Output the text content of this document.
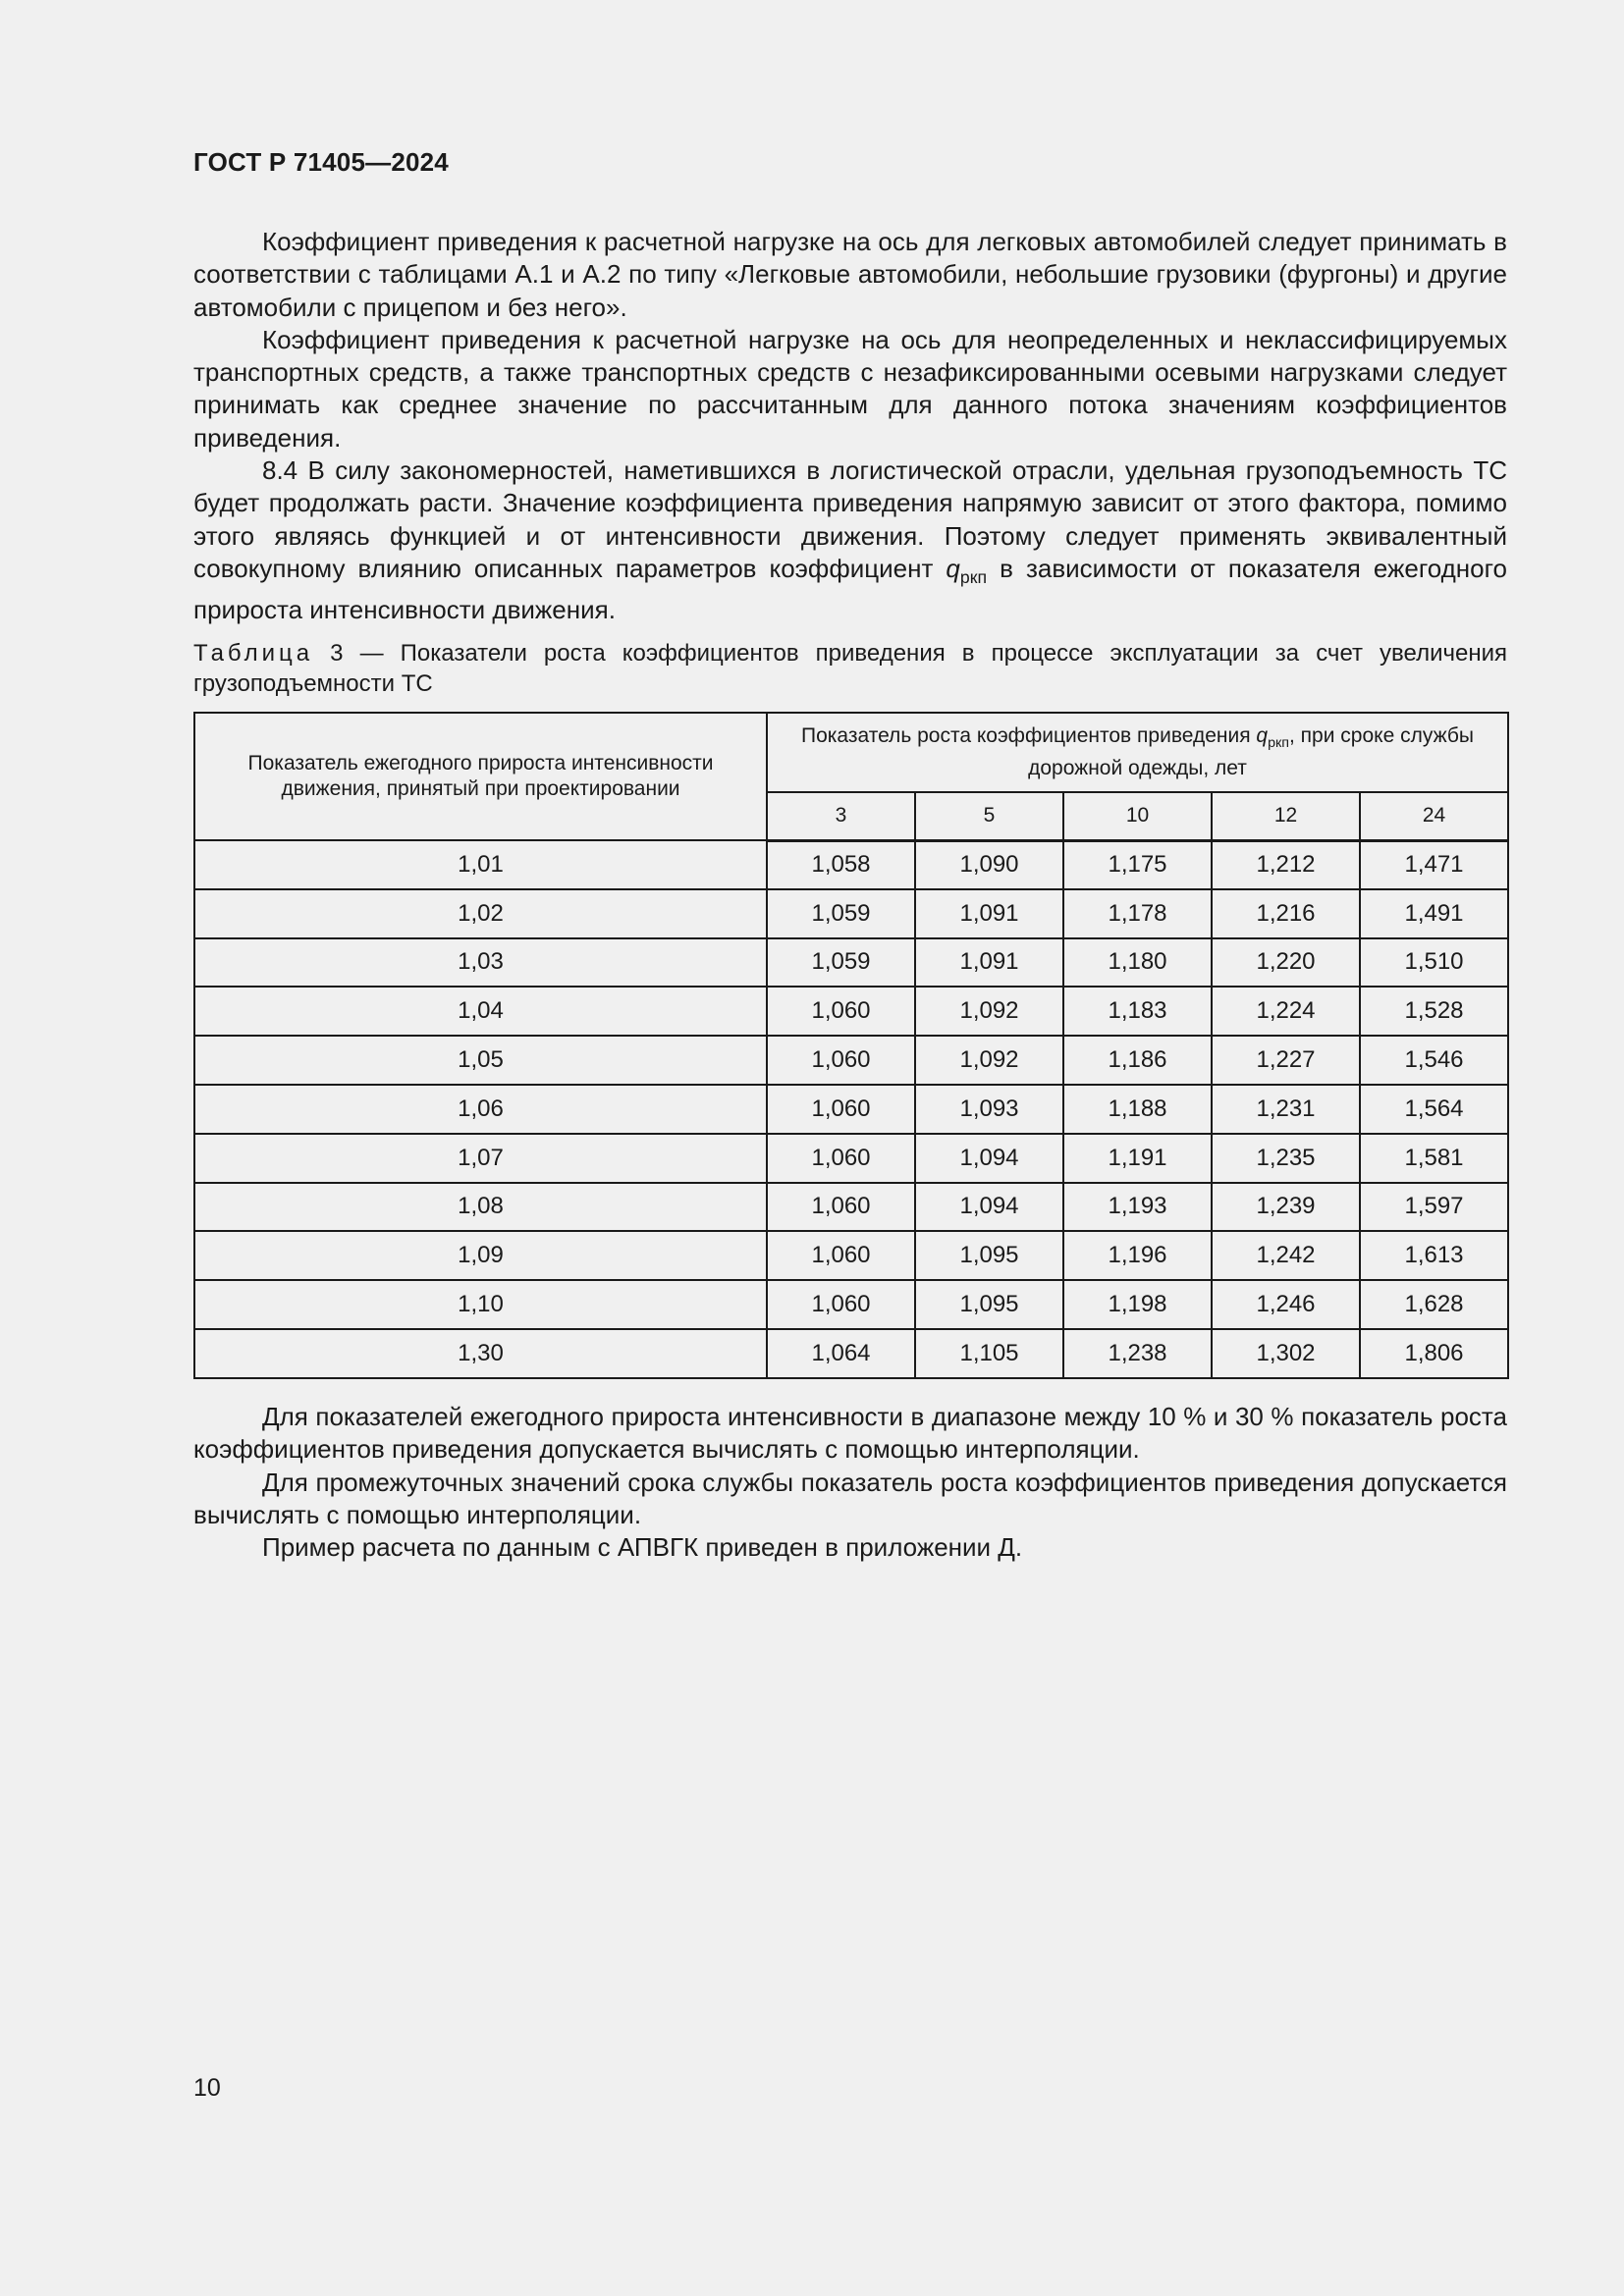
ГОСТ Р 71405—2024

Коэффициент приведения к расчетной нагрузке на ось для легковых автомобилей следует принимать в соответствии с таблицами А.1 и А.2 по типу «Легковые автомобили, небольшие грузовики (фургоны) и другие автомобили с прицепом и без него».

Коэффициент приведения к расчетной нагрузке на ось для неопределенных и неклассифицируемых транспортных средств, а также транспортных средств с незафиксированными осевыми нагрузками следует принимать как среднее значение по рассчитанным для данного потока значениям коэффициентов приведения.

8.4 В силу закономерностей, наметившихся в логистической отрасли, удельная грузоподъемность ТС будет продолжать расти. Значение коэффициента приведения напрямую зависит от этого фактора, помимо этого являясь функцией и от интенсивности движения. Поэтому следует применять эквивалентный совокупному влиянию описанных параметров коэффициент $q_{ркп}$ в зависимости от показателя ежегодного прироста интенсивности движения.

Таблица 3 — Показатели роста коэффициентов приведения в процессе эксплуатации за счет увеличения грузоподъемности ТС
Показатель ежегодного прироста интенсивности движения, принятый при проектировании	Показатель роста коэффициентов приведения $q_{ркп}$, при сроке службы дорожной одежды, лет				
	3	5	10	12	24
1,01	1,058	1,090	1,175	1,212	1,471
1,02	1,059	1,091	1,178	1,216	1,491
1,03	1,059	1,091	1,180	1,220	1,510
1,04	1,060	1,092	1,183	1,224	1,528
1,05	1,060	1,092	1,186	1,227	1,546
1,06	1,060	1,093	1,188	1,231	1,564
1,07	1,060	1,094	1,191	1,235	1,581
1,08	1,060	1,094	1,193	1,239	1,597
1,09	1,060	1,095	1,196	1,242	1,613
1,10	1,060	1,095	1,198	1,246	1,628
1,30	1,064	1,105	1,238	1,302	1,806

Для показателей ежегодного прироста интенсивности в диапазоне между 10 % и 30 % показатель роста коэффициентов приведения допускается вычислять с помощью интерполяции.

Для промежуточных значений срока службы показатель роста коэффициентов приведения допускается вычислять с помощью интерполяции.

Пример расчета по данным с АПВГК приведен в приложении Д.

10
